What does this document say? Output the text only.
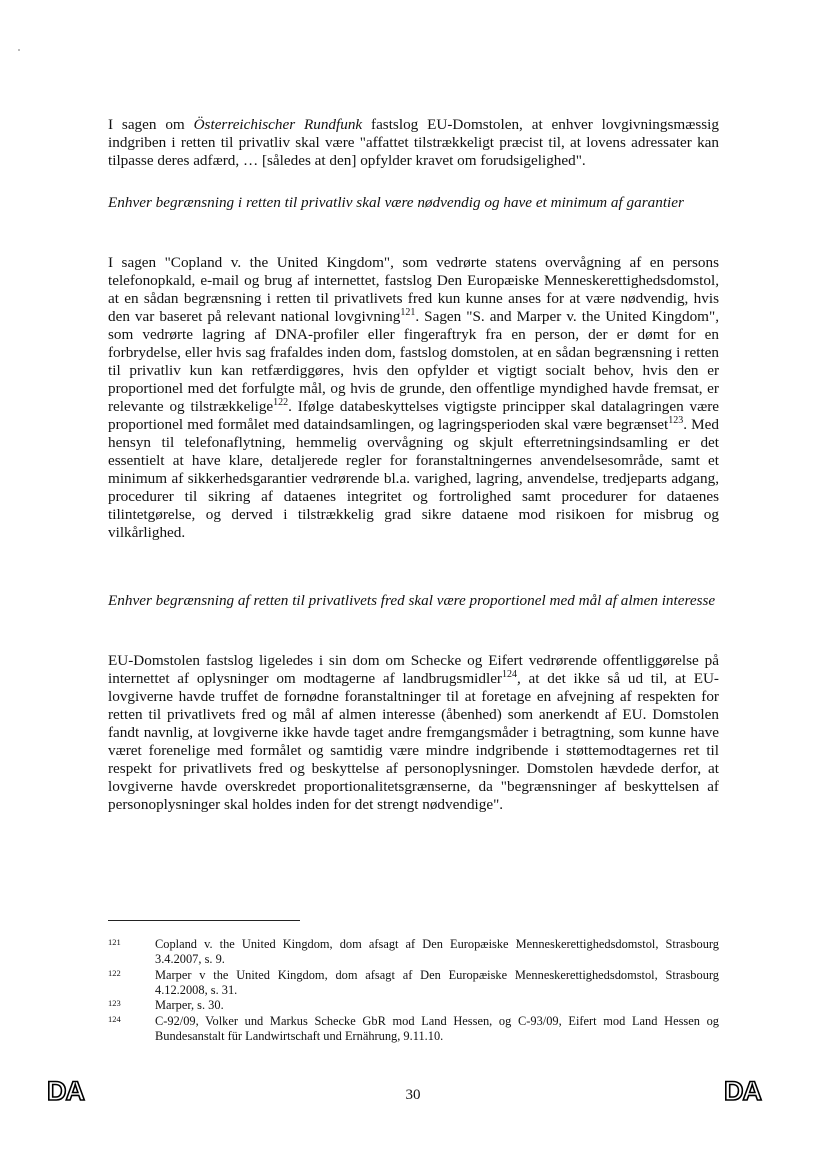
I sagen om Österreichischer Rundfunk fastslog EU-Domstolen, at enhver lovgivningsmæssig indgriben i retten til privatliv skal være "affattet tilstrækkeligt præcist til, at lovens adressater kan tilpasse deres adfærd, … [således at den] opfylder kravet om forudsigelighed".

Enhver begrænsning i retten til privatliv skal være nødvendig og have et minimum af garantier

I sagen "Copland v. the United Kingdom", som vedrørte statens overvågning af en persons telefonopkald, e-mail og brug af internettet, fastslog Den Europæiske Menneskerettighedsdomstol, at en sådan begrænsning i retten til privatlivets fred kun kunne anses for at være nødvendig, hvis den var baseret på relevant national lovgivning$^{121}$. Sagen "S. and Marper v. the United Kingdom", som vedrørte lagring af DNA-profiler eller fingeraftryk fra en person, der er dømt for en forbrydelse, eller hvis sag frafaldes inden dom, fastslog domstolen, at en sådan begrænsning i retten til privatliv kun kan retfærdiggøres, hvis den opfylder et vigtigt socialt behov, hvis den er proportionel med det forfulgte mål, og hvis de grunde, den offentlige myndighed havde fremsat, er relevante og tilstrækkelige$^{122}$. Ifølge databeskyttelses vigtigste principper skal datalagringen være proportionel med formålet med dataindsamlingen, og lagringsperioden skal være begrænset$^{123}$. Med hensyn til telefonaflytning, hemmelig overvågning og skjult efterretningsindsamling er det essentielt at have klare, detaljerede regler for foranstaltningernes anvendelsesområde, samt et minimum af sikkerhedsgarantier vedrørende bl.a. varighed, lagring, anvendelse, tredjeparts adgang, procedurer til sikring af dataenes integritet og fortrolighed samt procedurer for dataenes tilintetgørelse, og derved i tilstrækkelig grad sikre dataene mod risikoen for misbrug og vilkårlighed.

Enhver begrænsning af retten til privatlivets fred skal være proportionel med mål af almen interesse

EU-Domstolen fastslog ligeledes i sin dom om Schecke og Eifert vedrørende offentliggørelse på internettet af oplysninger om modtagerne af landbrugsmidler$^{124}$, at det ikke så ud til, at EU-lovgiverne havde truffet de fornødne foranstaltninger til at foretage en afvejning af respekten for retten til privatlivets fred og mål af almen interesse (åbenhed) som anerkendt af EU. Domstolen fandt navnlig, at lovgiverne ikke havde taget andre fremgangsmåder i betragtning, som kunne have været forenelige med formålet og samtidig være mindre indgribende i støttemodtagernes ret til respekt for privatlivets fred og beskyttelse af personoplysninger. Domstolen hævdede derfor, at lovgiverne havde overskredet proportionalitetsgrænserne, da "begrænsninger af beskyttelsen af personoplysninger skal holdes inden for det strengt nødvendige".

121	Copland v. the United Kingdom, dom afsagt af Den Europæiske Menneskerettighedsdomstol, Strasbourg 3.4.2007, s. 9.
122	Marper v the United Kingdom, dom afsagt af Den Europæiske Menneskerettighedsdomstol, Strasbourg 4.12.2008, s. 31.
123	Marper, s. 30.
124	C-92/09, Volker und Markus Schecke GbR mod Land Hessen, og C-93/09, Eifert mod Land Hessen og Bundesanstalt für Landwirtschaft und Ernährung, 9.11.10.
DA	30	DA
